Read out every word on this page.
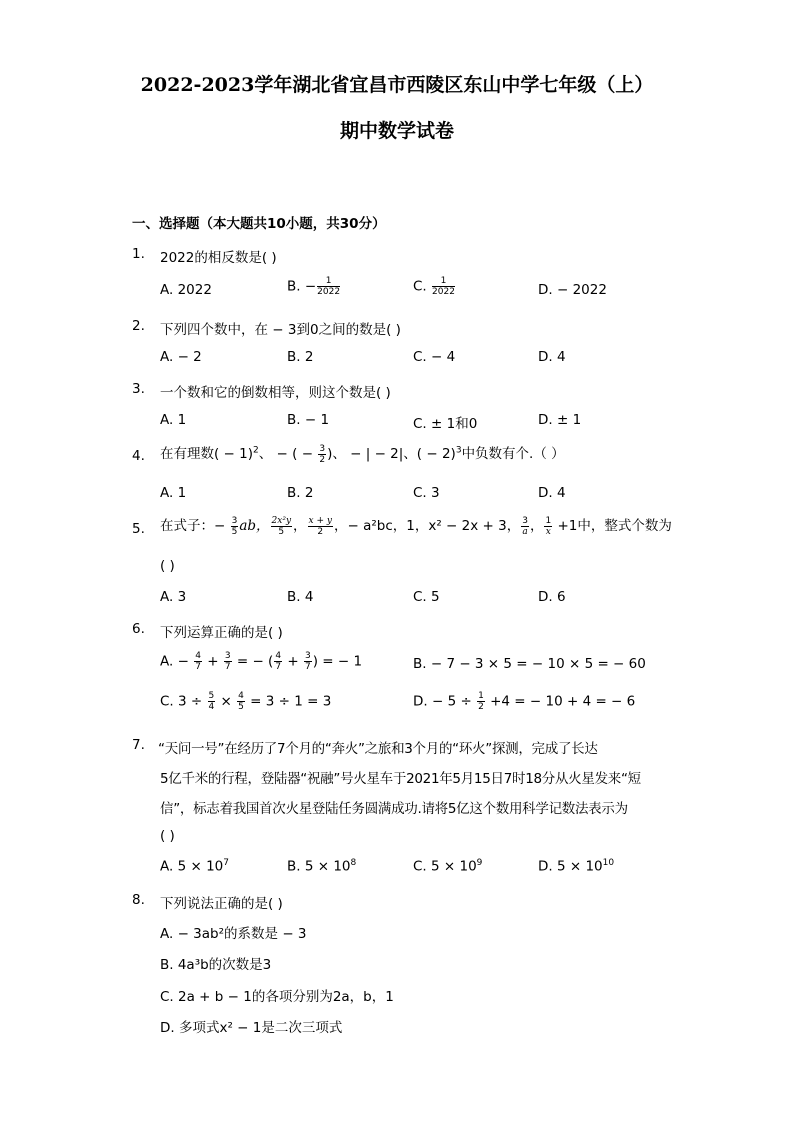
2022-2023学年湖北省宜昌市西陵区东山中学七年级（上）
期中数学试卷
一、选择题（本大题共10小题，共30分）
1. 2022的相反数是( )
A. 2022	B. − $\frac{1}{2022}$	C. $\frac{1}{2022}$	D. − 2022
2. 下列四个数中，在 − 3到0之间的数是( )
A. − 2	B. 2	C. − 4	D. 4
3. 一个数和它的倒数相等，则这个数是( )
A. 1	B. − 1	C. ± 1和0	D. ± 1
4. 在有理数( − 1)$^2$、 − ( − $\frac{3}{2}$ )、 − | − 2|、( − 2)$^3$中负数有个.（ ）
A. 1	B. 2	C. 3	D. 4
5. 在式子：− $\frac{3}{5}$ ab， $\frac{\text{2x²y}}{5}$ ， $\frac{x + y}{2}$ ，− a²bc，1，x² − 2x + 3， $\frac{3}{a}$ ， $\frac{1}{x} +1$中，整式个数为
( )
A. 3	B. 4	C. 5	D. 6
6. 下列运算正确的是( )
A. − $\frac{4}{7} + \frac{3}{7}$ = − ( $\frac{4}{7} + \frac{3}{7}$ ) = − 1	B. − 7 − 3 × 5 = − 10 × 5 = − 60
C. $3 \div \frac{5}{4} \times \frac{4}{5} = 3 \div 1 = 3$	D. − $5 \div \frac{1}{2} +4$ = − 10 + 4 = − 6
7. “天问一号”在经历了7个月的“奔火”之旅和3个月的“环火”探测，完成了长达
5亿千米的行程，登陆器“祝融”号火星车于2021年5月15日7时18分从火星发来“短
信”，标志着我国首次火星登陆任务圆满成功.请将5亿这个数用科学记数法表示为
( )
A. $5 \times 10^7$	B. $5 \times 10^8$	C. $5 \times 10^9$	D. $5 \times 10^{10}$
8. 下列说法正确的是( )
A. − 3ab²的系数是 − 3
B. 4a³b的次数是3
C. 2a + b − 1的各项分别为2a，b，1
D. 多项式x² − 1是二次三项式
